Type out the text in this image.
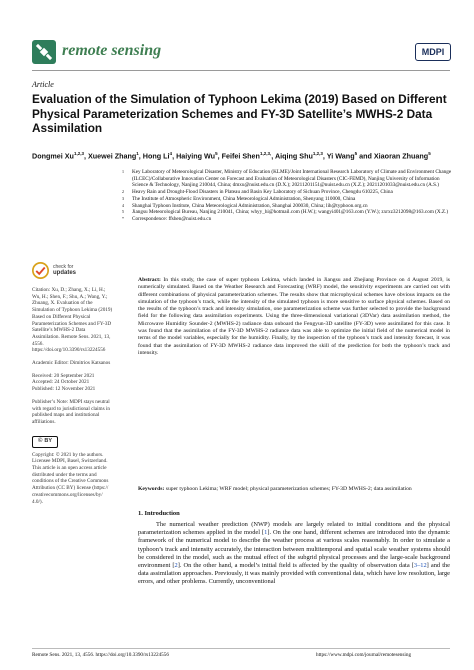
remote sensing	MDPI
Article
Evaluation of the Simulation of Typhoon Lekima (2019) Based on Different Physical Parameterization Schemes and FY-3D Satellite’s MWHS-2 Data Assimilation
Dongmei Xu$^{1,2,3}$, Xuewei Zhang$^1$, Hong Li$^4$, Haiying Wu$^5$, Feifei Shen$^{1,2,3,}$, Aiqing Shu$^{1,2,3}$, Yi Wang$^5$ and Xiaoran Zhuang$^5$
1 Key Laboratory of Meteorological Disaster, Ministry of Education (KLME)/Joint International Research Laboratory of Climate and Environment Change (ILCEC)/Collaborative Innovation Center on Forecast and Evaluation of Meteorological Disasters (CIC-FEMD), Nanjing University of Information Science & Technology, Nanjing 210044, China; dmxu@nuist.edu.cn (D.X.); 20211201151@nuist.edu.cn (X.Z.); 20211201033@nuist.edu.cn (A.S.)
2 Heavy Rain and Drought-Flood Disasters in Plateau and Basin Key Laboratory of Sichuan Province, Chengdu 610225, China
3 The Institute of Atmospheric Environment, China Meteorological Administration, Shenyang 110000, China
4 Shanghai Typhoon Institute, China Meteorological Administration, Shanghai 200030, China; lih@typhoon.org.cn
5 Jiangsu Meteorological Bureau, Nanjing 210041, China; whyy_hi@hotmail.com (H.W.); wangyi401@163.com (Y.W.); zxrxz3212098@163.com (X.Z.)
* Correspondence: ffshen@nuist.edu.cn
check for
updates
Citation: Xu, D.; Zhang, X.; Li, H.; Wu, H.; Shen, F.; Shu, A.; Wang, Y.; Zhuang, X. Evaluation of the Simulation of Typhoon Lekima (2019) Based on Different Physical Parameterization Schemes and FY-3D Satellite’s MWHS-2 Data Assimilation. Remote Sens. 2021, 13, 4556. https://doi.org/10.3390/rs13224556
Academic Editor: Dimitrios Katsanos
Received: 20 September 2021
Accepted: 24 October 2021
Published: 12 November 2021
Publisher’s Note: MDPI stays neutral with regard to jurisdictional claims in published maps and institutional affiliations.
© BY
Copyright: © 2021 by the authors. Licensee MDPI, Basel, Switzerland. This article is an open access article distributed under the terms and conditions of the Creative Commons Attribution (CC BY) license (https:// creativecommons.org/licenses/by/ 4.0/).
Abstract: In this study, the case of super typhoon Lekima, which landed in Jiangsu and Zhejiang Province on 4 August 2019, is numerically simulated. Based on the Weather Research and Forecasting (WRF) model, the sensitivity experiments are carried out with different combinations of physical parameterization schemes. The results show that microphysical schemes have obvious impacts on the simulation of the typhoon’s track, while the intensity of the simulated typhoon is more sensitive to surface physical schemes. Based on the results of the typhoon’s track and intensity simulation, one parameterization scheme was further selected to provide the background field for the following data assimilation experiments. Using the three-dimensional variational (3DVar) data assimilation method, the Microwave Humidity Sounder-2 (MWHS-2) radiance data onboard the Fengyun-3D satellite (FY-3D) were assimilated for this case. It was found that the assimilation of the FY-3D MWHS-2 radiance data was able to optimize the initial field of the numerical model in terms of the model variables, especially for the humidity. Finally, by the inspection of the typhoon’s track and intensity forecast, it was found that the assimilation of FY-3D MWHS-2 radiance data improved the skill of the prediction for both the typhoon’s track and intensity.
Keywords: super typhoon Lekima; WRF model; physical parameterization schemes; FY-3D MWHS-2; data assimilation
1. Introduction
The numerical weather prediction (NWP) models are largely related to initial conditions and the physical parameterization schemes applied in the model [1]. On the one hand, different schemes are introduced into the dynamic framework of the numerical model to describe the weather process at various scales reasonably. In order to simulate a typhoon’s track and intensity accurately, the interaction between multitemporal and spatial scale weather systems should be considered in the model, such as the mutual effect of the subgrid physical processes and the large-scale background environment [2]. On the other hand, a model’s initial field is affected by the quality of observation data [3–12] and the data assimilation approaches. Previously, it was mainly provided with conventional data, which have low resolution, large errors, and other problems. Currently, unconventional
Remote Sens. 2021, 13, 4556. https://doi.org/10.3390/rs13224556	https://www.mdpi.com/journal/remotesensing
